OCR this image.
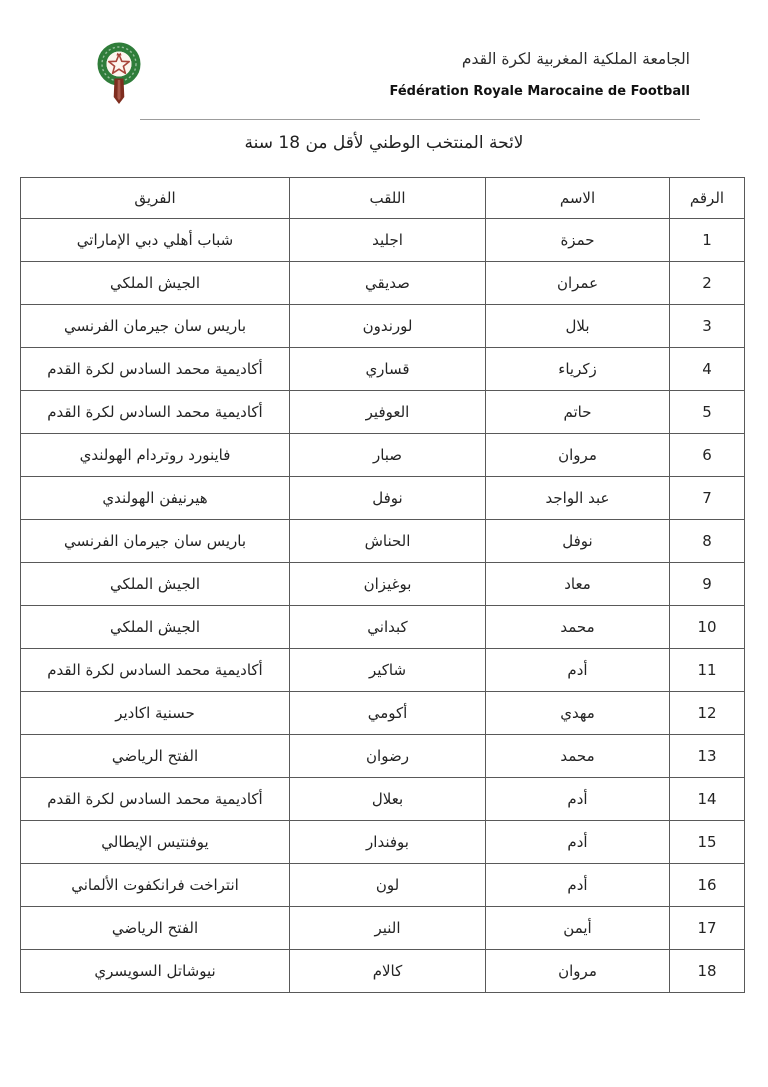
الجامعة الملكية المغربية لكرة القدم
Fédération Royale Marocaine de Football
لائحة المنتخب الوطني لأقل من 18 سنة
الرقم	الاسم	اللقب	الفريق
1	حمزة	اجليد	شباب أهلي دبي الإماراتي
2	عمران	صديقي	الجيش الملكي
3	بلال	لورندون	باريس سان جيرمان الفرنسي
4	زكرياء	قساري	أكاديمية محمد السادس لكرة القدم
5	حاتم	العوفير	أكاديمية محمد السادس لكرة القدم
6	مروان	صبار	فاينورد روتردام الهولندي
7	عبد الواجد	نوفل	هيرنيفن الهولندي
8	نوفل	الحناش	باريس سان جيرمان الفرنسي
9	معاد	بوغيزان	الجيش الملكي
10	محمد	كبداني	الجيش الملكي
11	أدم	شاكير	أكاديمية محمد السادس لكرة القدم
12	مهدي	أكومي	حسنية اكادير
13	محمد	رضوان	الفتح الرياضي
14	أدم	بعلال	أكاديمية محمد السادس لكرة القدم
15	أدم	بوفندار	يوفنتيس الإيطالي
16	أدم	لون	انتراخت فرانكفوت الألماني
17	أيمن	النير	الفتح الرياضي
18	مروان	كالام	نيوشاتل السويسري
